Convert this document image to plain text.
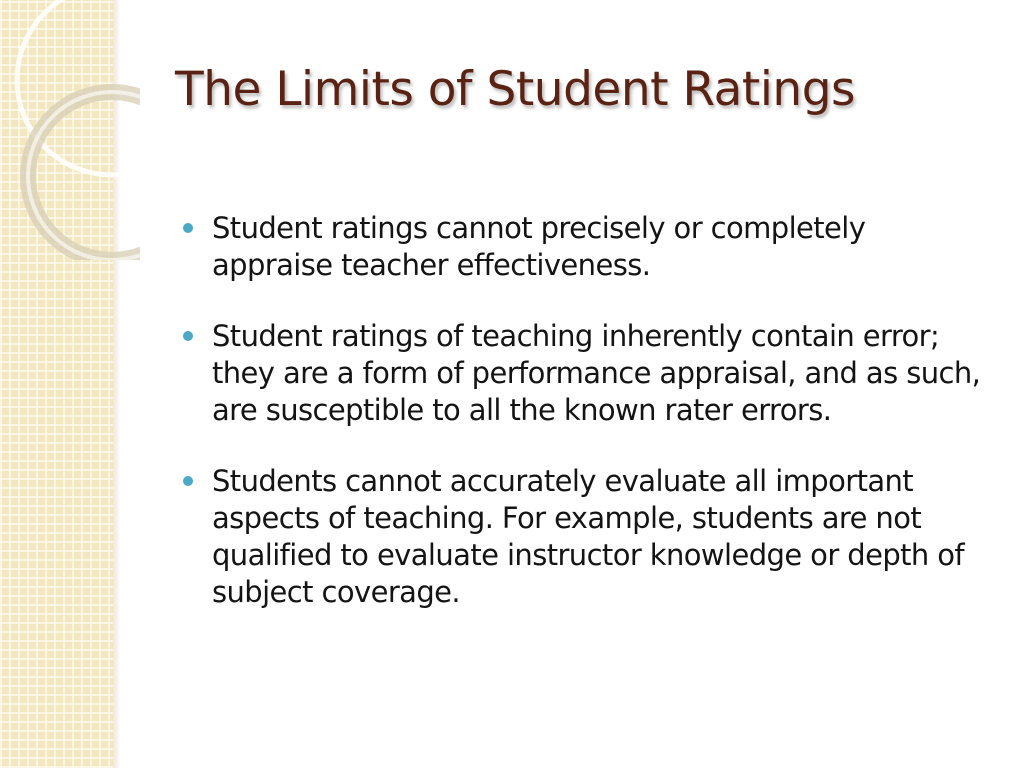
The Limits of Student Ratings
Student ratings cannot precisely or completely appraise teacher effectiveness.
Student ratings of teaching inherently contain error; they are a form of performance appraisal, and as such, are susceptible to all the known rater errors.
Students cannot accurately evaluate all important aspects of teaching. For example, students are not qualified to evaluate instructor knowledge or depth of subject coverage.
